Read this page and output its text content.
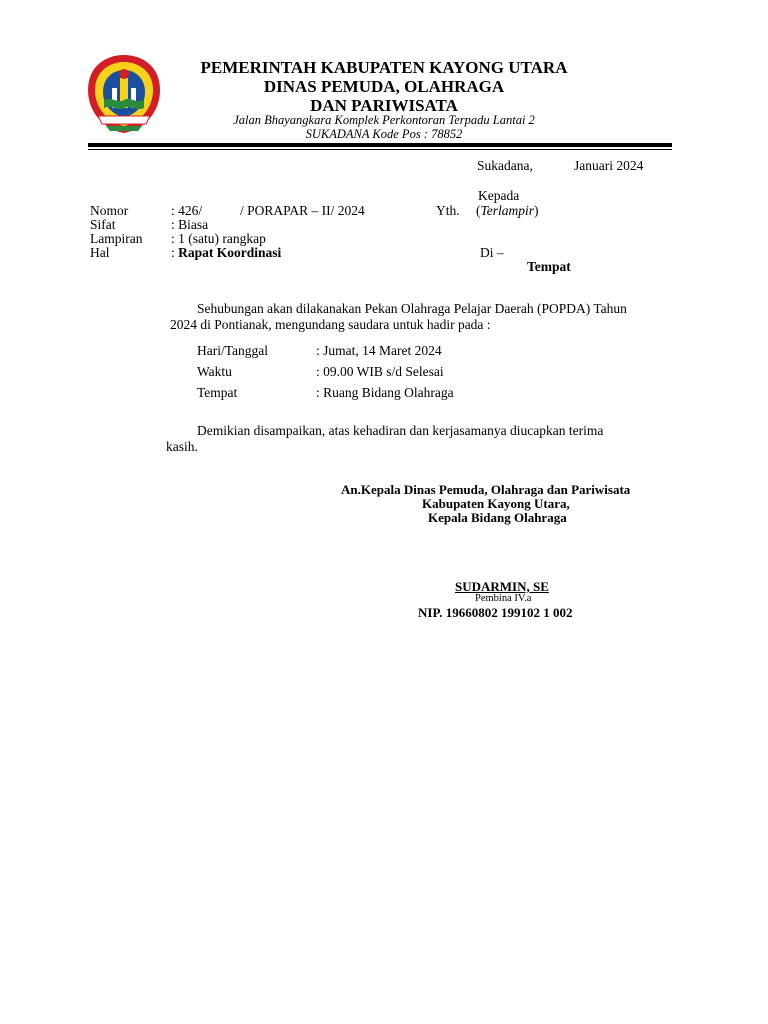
PEMERINTAH KABUPATEN KAYONG UTARA
DINAS PEMUDA, OLAHRAGA
DAN PARIWISATA
Jalan Bhayangkara Komplek Perkontoran Terpadu Lantai 2
SUKADANA Kode Pos : 78852
Sukadana,	Januari 2024
Kepada
Yth. (Terlampir)
Di –
Tempat
Nomor	: 426/	/ PORAPAR – II/ 2024
Sifat	: Biasa
Lampiran : 1 (satu) rangkap
Hal	: Rapat Koordinasi
Sehubungan akan dilakanakan Pekan Olahraga Pelajar Daerah (POPDA) Tahun
2024 di Pontianak, mengundang saudara untuk hadir pada :
Hari/Tanggal	: Jumat, 14 Maret 2024
Waktu	: 09.00 WIB s/d Selesai
Tempat	: Ruang Bidang Olahraga
Demikian disampaikan, atas kehadiran dan kerjasamanya diucapkan terima
kasih.
An.Kepala Dinas Pemuda, Olahraga dan Pariwisata
Kabupaten Kayong Utara,
Kepala Bidang Olahraga
SUDARMIN, SE
Pembina IV.a
NIP. 19660802 199102 1 002
